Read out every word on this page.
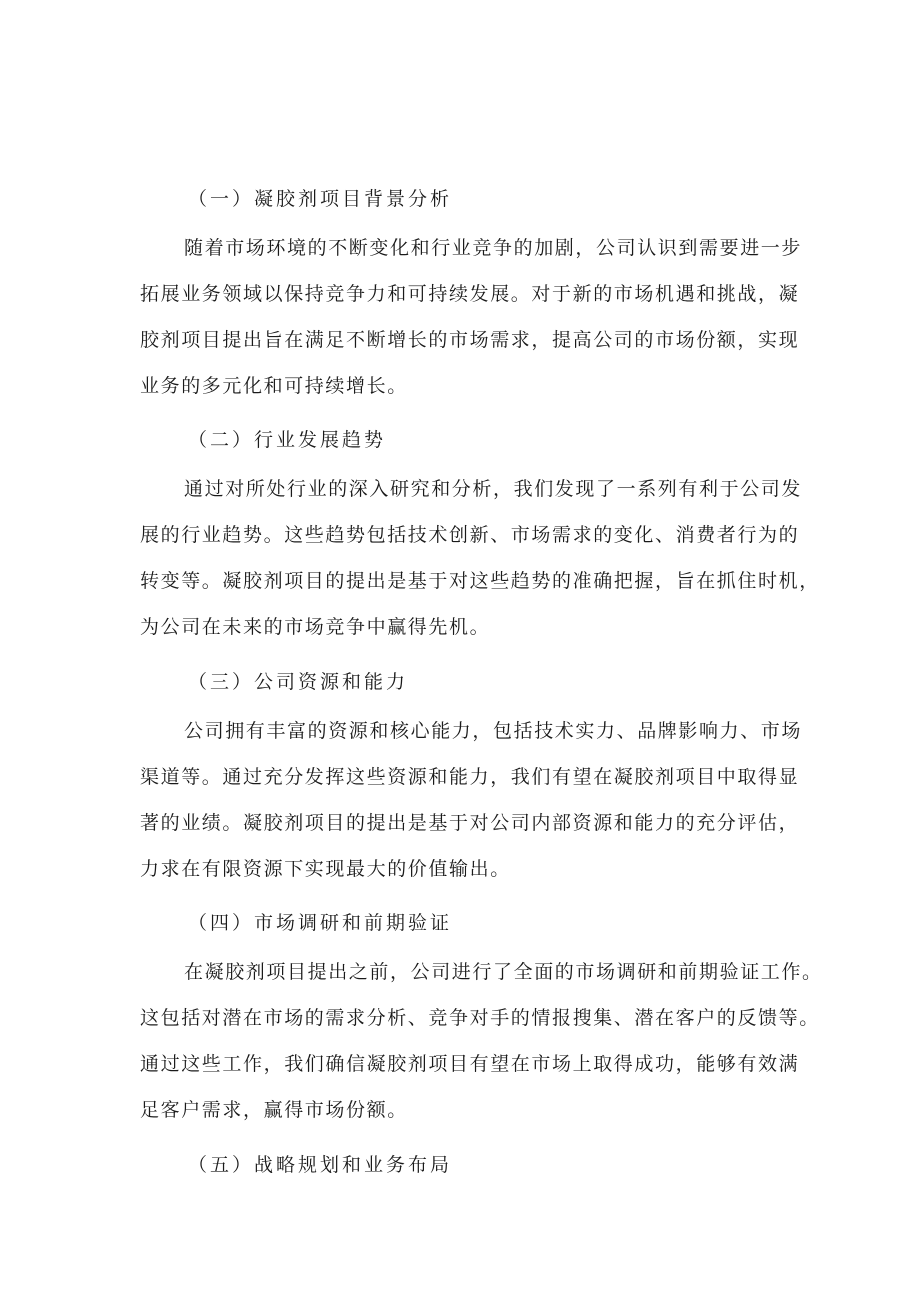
（一）凝胶剂项目背景分析
随着市场环境的不断变化和行业竞争的加剧，公司认识到需要进一步
拓展业务领域以保持竞争力和可持续发展。对于新的市场机遇和挑战，凝
胶剂项目提出旨在满足不断增长的市场需求，提高公司的市场份额，实现
业务的多元化和可持续增长。
（二）行业发展趋势
通过对所处行业的深入研究和分析，我们发现了一系列有利于公司发
展的行业趋势。这些趋势包括技术创新、市场需求的变化、消费者行为的
转变等。凝胶剂项目的提出是基于对这些趋势的准确把握，旨在抓住时机，
为公司在未来的市场竞争中赢得先机。
（三）公司资源和能力
公司拥有丰富的资源和核心能力，包括技术实力、品牌影响力、市场
渠道等。通过充分发挥这些资源和能力，我们有望在凝胶剂项目中取得显
著的业绩。凝胶剂项目的提出是基于对公司内部资源和能力的充分评估，
力求在有限资源下实现最大的价值输出。
（四）市场调研和前期验证
在凝胶剂项目提出之前，公司进行了全面的市场调研和前期验证工作。
这包括对潜在市场的需求分析、竞争对手的情报搜集、潜在客户的反馈等。
通过这些工作，我们确信凝胶剂项目有望在市场上取得成功，能够有效满
足客户需求，赢得市场份额。
（五）战略规划和业务布局
